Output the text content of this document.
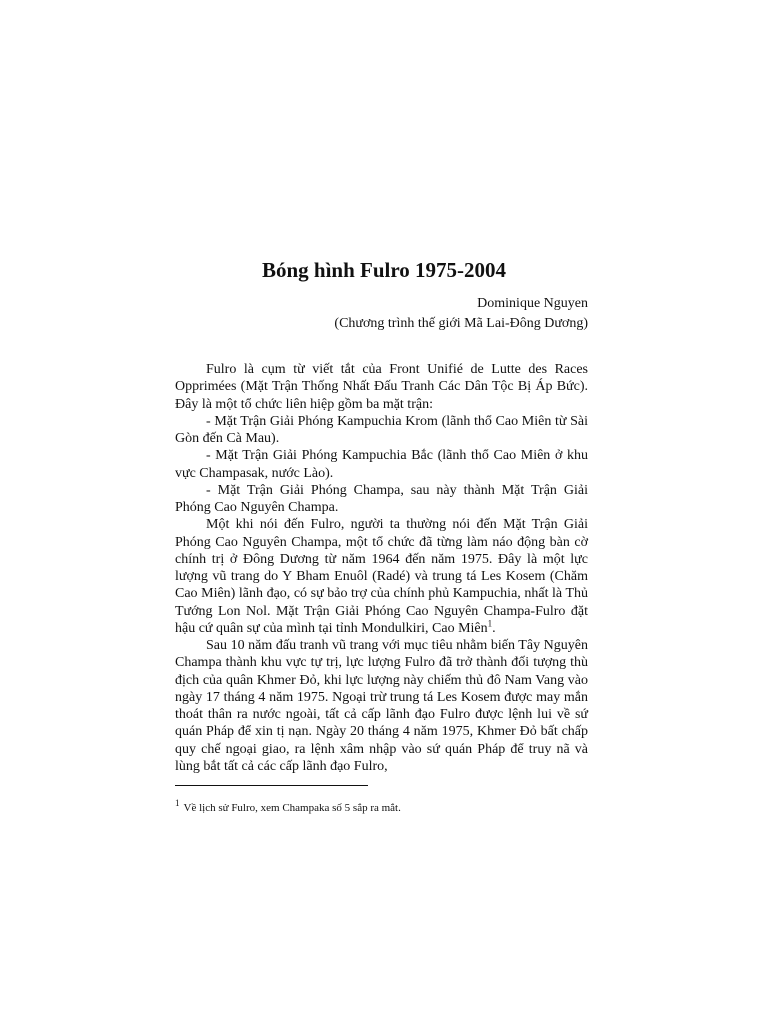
Bóng hình Fulro 1975-2004
Dominique Nguyen
(Chương trình thế giới Mã Lai-Đông Dương)

Fulro là cụm từ viết tắt của Front Unifié de Lutte des Races Opprimées (Mặt Trận Thống Nhất Đấu Tranh Các Dân Tộc Bị Áp Bức). Đây là một tổ chức liên hiệp gồm ba mặt trận:

- Mặt Trận Giải Phóng Kampuchia Krom (lãnh thổ Cao Miên từ Sài Gòn đến Cà Mau).

- Mặt Trận Giải Phóng Kampuchia Bắc (lãnh thổ Cao Miên ở khu vực Champasak, nước Lào).

- Mặt Trận Giải Phóng Champa, sau này thành Mặt Trận Giải Phóng Cao Nguyên Champa.

Một khi nói đến Fulro, người ta thường nói đến Mặt Trận Giải Phóng Cao Nguyên Champa, một tổ chức đã từng làm náo động bàn cờ chính trị ở Đông Dương từ năm 1964 đến năm 1975. Đây là một lực lượng vũ trang do Y Bham Enuôl (Radé) và trung tá Les Kosem (Chăm Cao Miên) lãnh đạo, có sự bảo trợ của chính phủ Kampuchia, nhất là Thủ Tướng Lon Nol. Mặt Trận Giải Phóng Cao Nguyên Champa-Fulro đặt hậu cứ quân sự của mình tại tỉnh Mondulkiri, Cao Miên$^1$.

Sau 10 năm đấu tranh vũ trang với mục tiêu nhằm biến Tây Nguyên Champa thành khu vực tự trị, lực lượng Fulro đã trở thành đối tượng thù địch của quân Khmer Đỏ, khi lực lượng này chiếm thủ đô Nam Vang vào ngày 17 tháng 4 năm 1975. Ngoại trừ trung tá Les Kosem được may mắn thoát thân ra nước ngoài, tất cả cấp lãnh đạo Fulro được lệnh lui về sứ quán Pháp để xin tị nạn. Ngày 20 tháng 4 năm 1975, Khmer Đỏ bất chấp quy chế ngoại giao, ra lệnh xâm nhập vào sứ quán Pháp để truy nã và lùng bắt tất cả các cấp lãnh đạo Fulro,

$^1$ Về lịch sử Fulro, xem Champaka số 5 sắp ra mắt.
